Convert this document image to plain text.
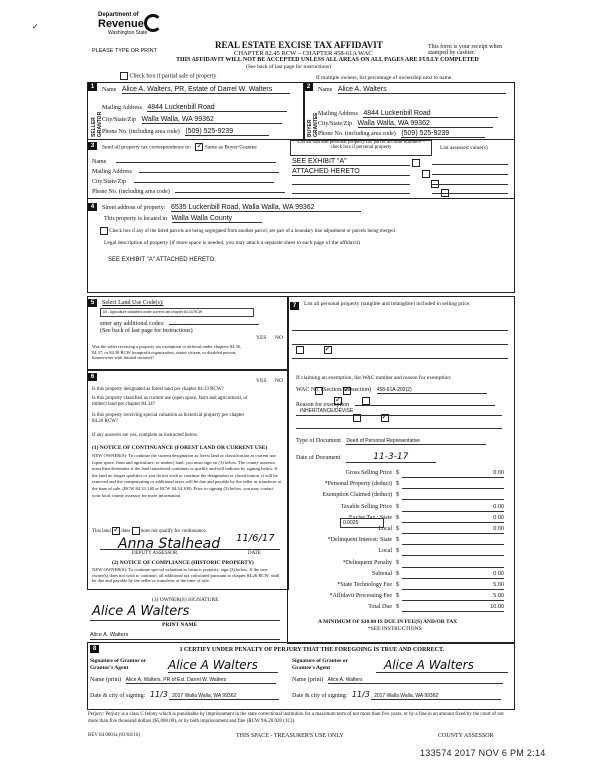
Department of
Revenue
Washington State
✓
PLEASE TYPE OR PRINT
REAL ESTATE EXCISE TAX AFFIDAVIT
CHAPTER 82.45 RCW – CHAPTER 458-61A WAC
THIS AFFIDAVIT WILL NOT BE ACCEPTED UNLESS ALL AREAS ON ALL PAGES ARE FULLY COMPLETED
(See back of last page for instructions)
This form is your receipt when stamped by cashier.
Check box if partial sale of property	If multiple owners, list percentage of ownership next to name.
1
SELLER GRANTOR
Name Alice A. Walters, PR, Estate of Darrel W. Walters
Mailing Address 4844 Luckenbill Road
City/State/Zip Walla Walla, WA 99362
Phone No. (including area code) (509) 525-9239
2
BUYER GRANTEE
Name Alice A. Walters
Mailing Address 4844 Luckenbill Road
City/State/Zip Walla Walla, WA 99362
Phone No. (including area code) (509) 525-9239
3	Send all property tax correspondence to: ✓	Same as Buyer/Grantee
Name
Mailing Address
City/State/Zip
Phone No. (including area code)
List all real and personal property tax parcel account numbers – check box if personal property	List assessed value(s)
SEE EXHIBIT "A"
ATTACHED HERETO

4	Street address of property: 6535 Luckenbill Road, Walla Walla, WA 99362
This property is located in Walla Walla County
Check box if any of the listed parcels are being segregated from another parcel, are part of a boundary line adjustment or parcels being merged.
Legal description of property (if more space is needed, you may attach a separate sheet to each page of the affidavit)
SEE EXHIBIT "A" ATTACHED HERETO.
5	Select Land Use Code(s):
83 - Agriculture classified under current use chapter 84.34 RCW
enter any additional codes:
(See back of last page for instructions)
YES NO
Was the seller receiving a property tax exemption or deferral under chapters 84.36, 84.37, or 84.38 RCW (nonprofit organization, senior citizen, or disabled person, homeowner with limited income)?
✓
6
YES NO
Is this property designated as forest land per chapter 84.33 RCW?
✓
Is this property classified as current use (open space, farm and agricultural, or timber) land per chapter 84.34?
✓
Is this property receiving special valuation as historical property per chapter 84.26 RCW?
✓
If any answers are yes, complete as instructed below.
(1) NOTICE OF CONTINUANCE (FOREST LAND OR CURRENT USE)
NEW OWNER(S): To continue the current designation as forest land or classification as current use (open space, farm and agriculture, or timber) land, you must sign on (3) below. The county assessor must then determine if the land transferred continues to qualify and will indicate by signing below. If the land no longer qualifies or you do not wish to continue the designation or classification, it will be removed and the compensating or additional taxes will be due and payable by the seller or transferor at the time of sale. (RCW 84.33.140 or RCW 84.34.108). Prior to signing (3) below, you may contact your local county assessor for more information.
This land ✓ does does not qualify for continuance.
Anna Stalhead 11/6/17
DEPUTY ASSESSOR	DATE
(2) NOTICE OF COMPLIANCE (HISTORIC PROPERTY)
NEW OWNER(S): To continue special valuation as historic property, sign (3) below. If the new owner(s) does not wish to continue, all additional tax calculated pursuant to chapter 84.26 RCW, shall be due and payable by the seller or transferor at the time of sale.
(3) OWNER(S) SIGNATURE
Alice A Walters
PRINT NAME
Alice A. Walters
7	List all personal property (tangible and intangible) included in selling price.
If claiming an exemption, list WAC number and reason for exemption:
WAC No. (Section/Subsection) 458-61A-202(2)
Reason for exemption
INHERITANCE/DEVISE
Type of Document Deed of Personal Representative
Date of Document	11-3-17
Gross Selling Price $	0.00
*Personal Property (deduct) $
Exemption Claimed (deduct) $
Taxable Selling Price $	0.00
Excise Tax : State $	0.00
Local $	0.00
*Delinquent Interest: State $
Local $
*Delinquent Penalty $
Subtotal $	0.00
*State Technology Fee $	5.00
*Affidavit Processing Fee $	5.00
Total Due $	10.00
0.0025
A MINIMUM OF $10.00 IS DUE IN FEE(S) AND/OR TAX
*SEE INSTRUCTIONS
8	I CERTIFY UNDER PENALTY OF PERJURY THAT THE FOREGOING IS TRUE AND CORRECT.
Signature of Grantor or Grantor's Agent	Alice A Walters	Signature of Grantee or Grantee's Agent	Alice A Walters
Name (print) Alice A. Walters, PR of Est. Darrel W. Walters	Name (print) Alice A. Walters
Date & city of signing: 11/3 , 2017 Walla Walla, WA 99362	Date & city of signing: 11/3 , 2017 Walla Walla, WA 99362
Perjury: Perjury is a class C felony which is punishable by imprisonment in the state correctional institution for a maximum term of not more than five years, or by a fine in an amount fixed by the court of not more than five thousand dollars ($5,000.00), or by both imprisonment and fine (RCW 9A.20.020 (1C)).
REV 84 0001a (01/04/16)	THIS SPACE - TREASURER'S USE ONLY	COUNTY ASSESSOR
133574 2017 NOV 6 PM 2:14
